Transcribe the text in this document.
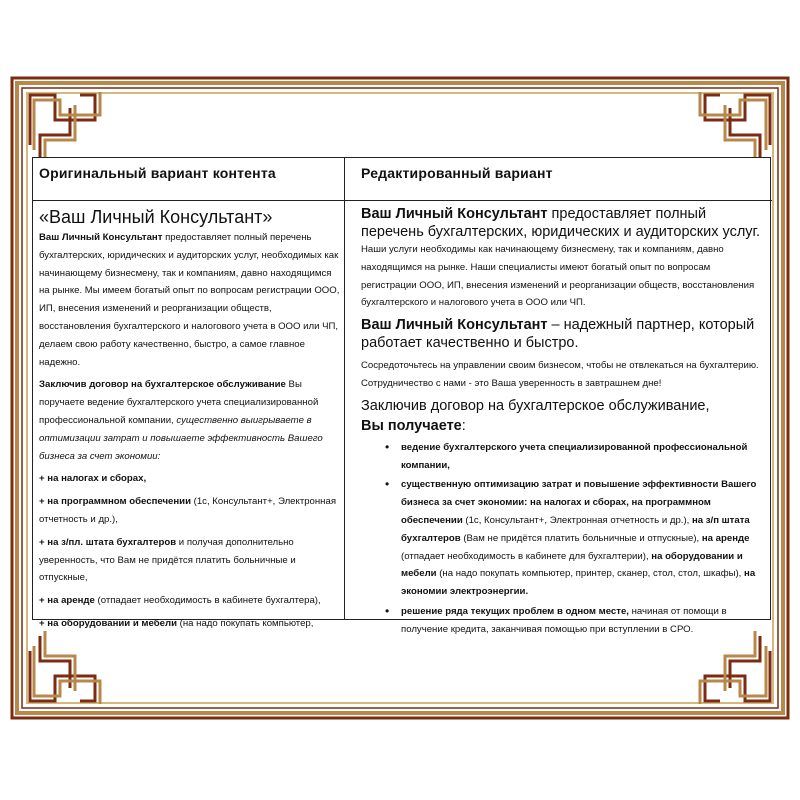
Оригинальный вариант контента	Редактированный вариант

«Ваш Личный Консультант»

Ваш Личный Консультант предоставляет полный перечень бухгалтерских, юридических и аудиторских услуг, необходимых как начинающему бизнесмену, так и компаниям, давно находящимся на рынке. Мы имеем богатый опыт по вопросам регистрации ООО, ИП, внесения изменений и реорганизации обществ, восстановления бухгалтерского и налогового учета в ООО или ЧП, делаем свою работу качественно, быстро, а самое главное надежно.

Заключив договор на бухгалтерское обслуживание Вы поручаете ведение бухгалтерского учета специализированной профессиональной компании, существенно выигрываете в оптимизации затрат и повышаете эффективность Вашего бизнеса за счет экономии:

+ на налогах и сборах,

+ на программном обеспечении (1с, Консультант+, Электронная отчетность и др.),

+ на з/пл. штата бухгалтеров и получая дополнительно уверенность, что Вам не придётся платить больничные и отпускные,

+ на аренде (отпадает необходимость в кабинете бухгалтера),

+ на оборудовании и мебели (на надо покупать компьютер,

Ваш Личный Консультант предоставляет полный перечень бухгалтерских, юридических и аудиторских услуг.

Наши услуги необходимы как начинающему бизнесмену, так и компаниям, давно находящимся на рынке. Наши специалисты имеют богатый опыт по вопросам регистрации ООО, ИП, внесения изменений и реорганизации обществ, восстановления бухгалтерского и налогового учета в ООО или ЧП.

Ваш Личный Консультант – надежный партнер, который работает качественно и быстро.

Сосредоточьтесь на управлении своим бизнесом, чтобы не отвлекаться на бухгалтерию. Сотрудничество с нами - это Ваша уверенность в завтрашнем дне!

Заключив договор на бухгалтерское обслуживание,

Вы получаете:

• ведение бухгалтерского учета специализированной профессиональной компании,
• существенную оптимизацию затрат и повышение эффективности Вашего бизнеса за счет экономии: на налогах и сборах, на программном обеспечении (1с, Консультант+, Электронная отчетность и др.), на з/п штата бухгалтеров (Вам не придётся платить больничные и отпускные), на аренде (отпадает необходимость в кабинете для бухгалтерии), на оборудовании и мебели (на надо покупать компьютер, принтер, сканер, стол, стол, шкафы), на экономии электроэнергии.
• решение ряда текущих проблем в одном месте, начиная от помощи в получение кредита, заканчивая помощью при вступлении в СРО.
